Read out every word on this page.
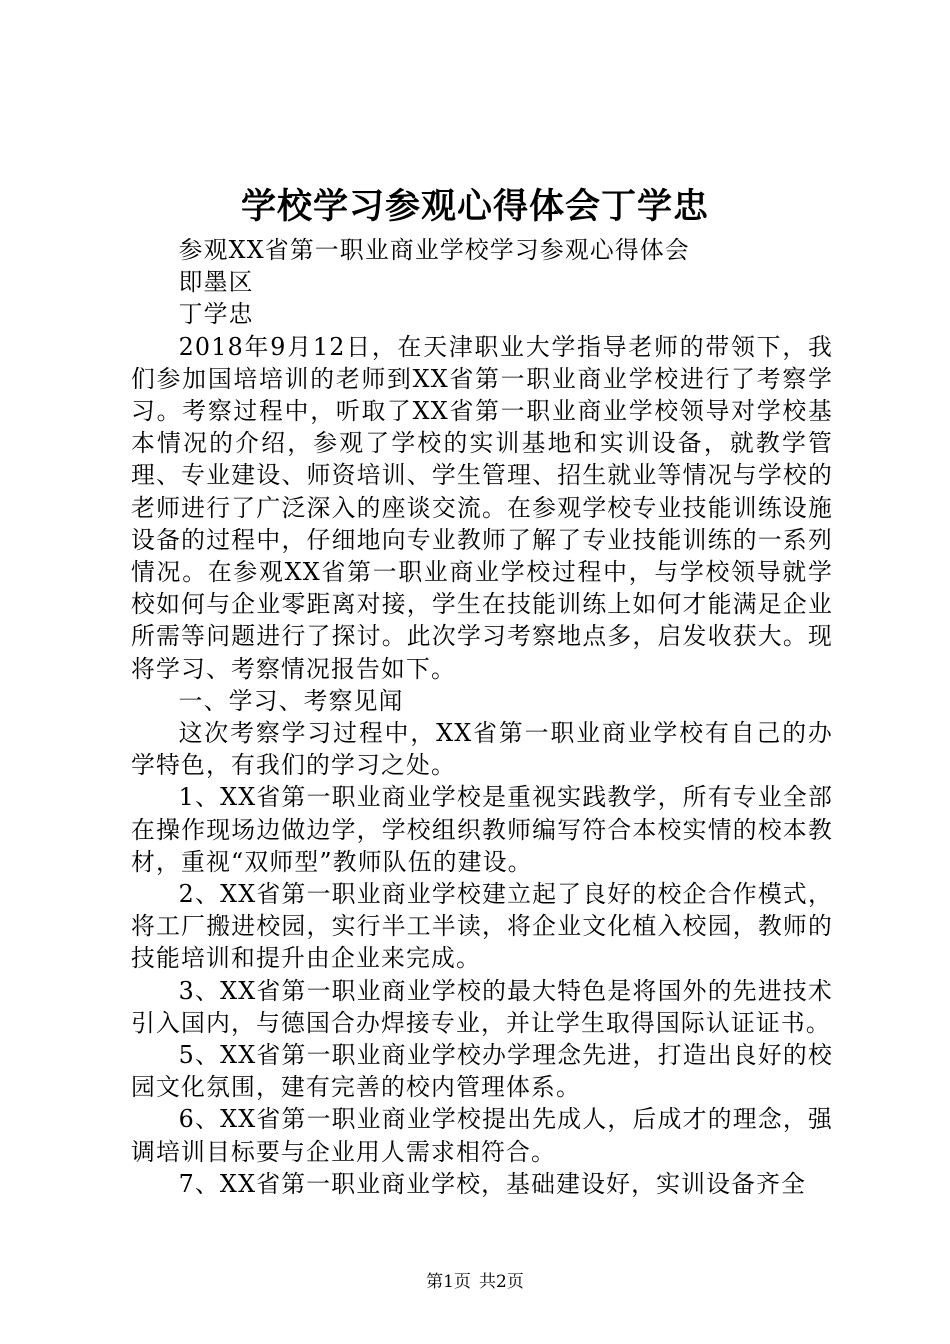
学校学习参观心得体会丁学忠

参观XX省第一职业商业学校学习参观心得体会

即墨区

丁学忠

2018年9月12日，在天津职业大学指导老师的带领下，我们参加国培培训的老师到XX省第一职业商业学校进行了考察学习。考察过程中，听取了XX省第一职业商业学校领导对学校基本情况的介绍，参观了学校的实训基地和实训设备，就教学管理、专业建设、师资培训、学生管理、招生就业等情况与学校的老师进行了广泛深入的座谈交流。在参观学校专业技能训练设施设备的过程中，仔细地向专业教师了解了专业技能训练的一系列情况。在参观XX省第一职业商业学校过程中，与学校领导就学校如何与企业零距离对接，学生在技能训练上如何才能满足企业所需等问题进行了探讨。此次学习考察地点多，启发收获大。现将学习、考察情况报告如下。

一、学习、考察见闻

这次考察学习过程中，XX省第一职业商业学校有自己的办学特色，有我们的学习之处。

1、XX省第一职业商业学校是重视实践教学，所有专业全部在操作现场边做边学，学校组织教师编写符合本校实情的校本教材，重视“双师型”教师队伍的建设。

2、XX省第一职业商业学校建立起了良好的校企合作模式，将工厂搬进校园，实行半工半读，将企业文化植入校园，教师的技能培训和提升由企业来完成。

3、XX省第一职业商业学校的最大特色是将国外的先进技术引入国内，与德国合办焊接专业，并让学生取得国际认证证书。

5、XX省第一职业商业学校办学理念先进，打造出良好的校园文化氛围，建有完善的校内管理体系。

6、XX省第一职业商业学校提出先成人，后成才的理念，强调培训目标要与企业用人需求相符合。

7、XX省第一职业商业学校，基础建设好，实训设备齐全

第1页 共2页
